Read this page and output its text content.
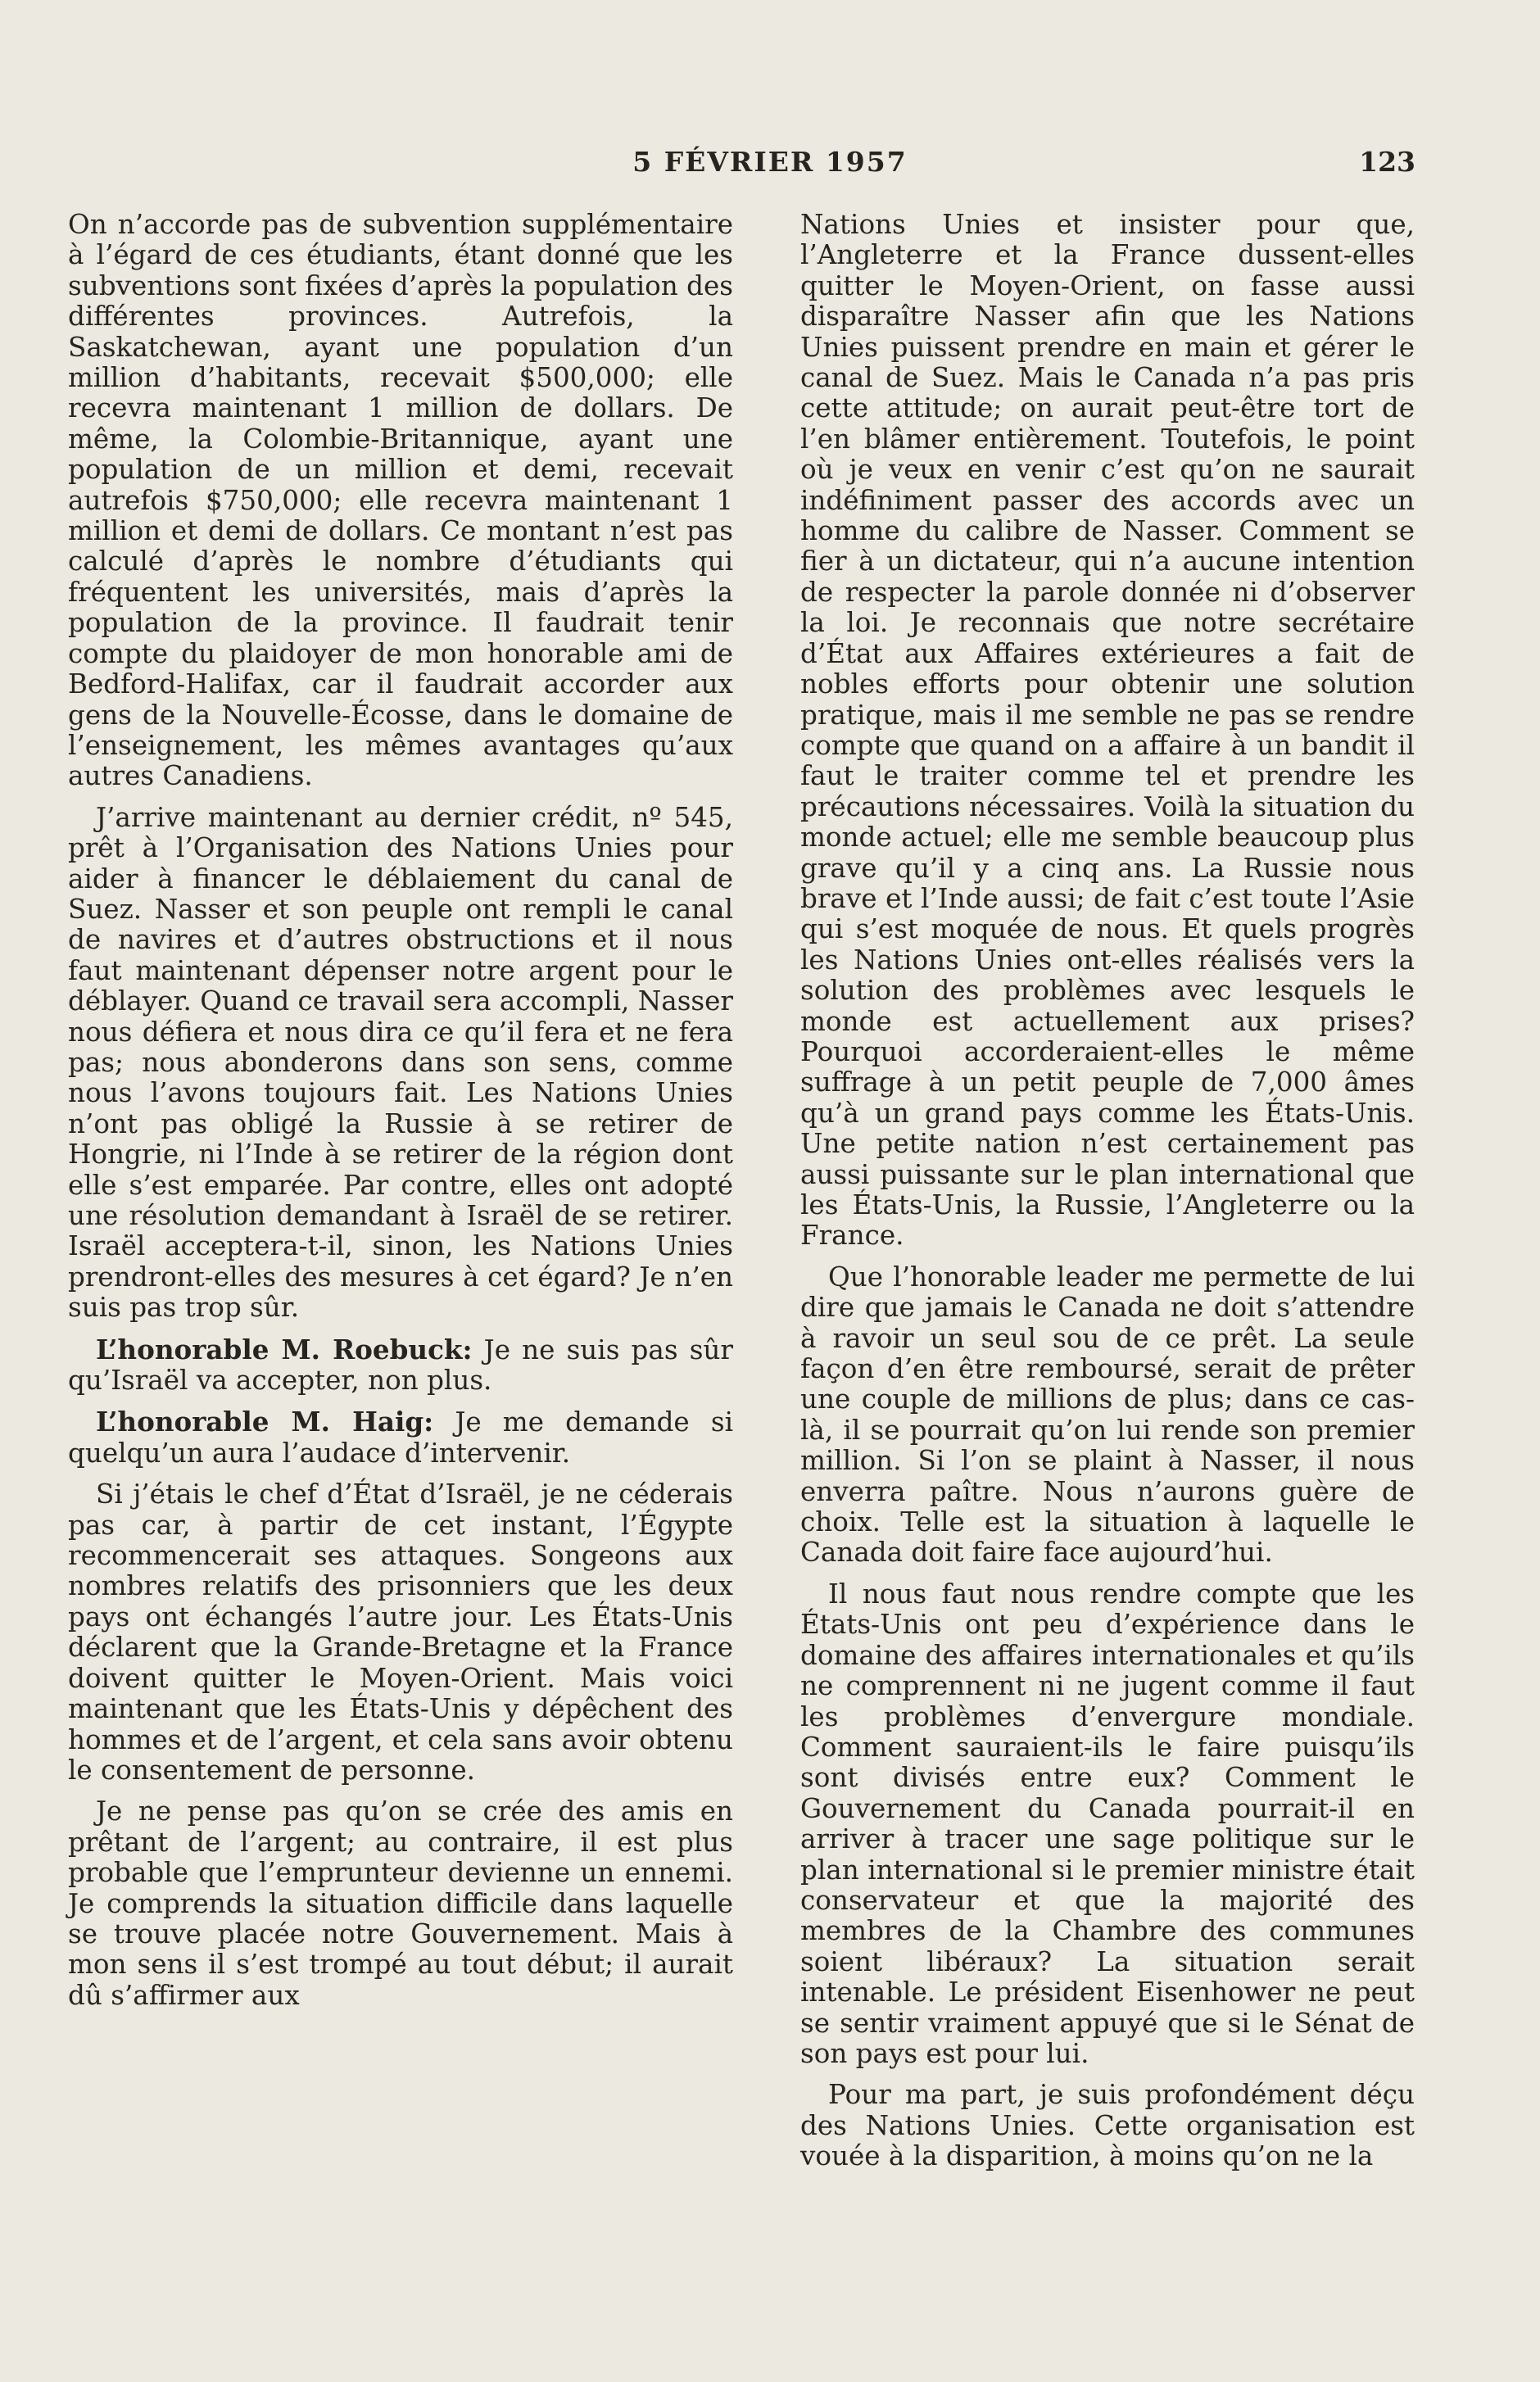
5 FÉVRIER 1957	123

On n’accorde pas de subvention supplémentaire à l’égard de ces étudiants, étant donné que les subventions sont fixées d’après la population des différentes provinces. Autrefois, la Saskatchewan, ayant une population d’un million d’habitants, recevait $500,000; elle recevra maintenant 1 million de dollars. De même, la Colombie-Britannique, ayant une population de un million et demi, recevait autrefois $750,000; elle recevra maintenant 1 million et demi de dollars. Ce montant n’est pas calculé d’après le nombre d’étudiants qui fréquentent les universités, mais d’après la population de la province. Il faudrait tenir compte du plaidoyer de mon honorable ami de Bedford-Halifax, car il faudrait accorder aux gens de la Nouvelle-Écosse, dans le domaine de l’enseignement, les mêmes avantages qu’aux autres Canadiens.

J’arrive maintenant au dernier crédit, nº 545, prêt à l’Organisation des Nations Unies pour aider à financer le déblaiement du canal de Suez. Nasser et son peuple ont rempli le canal de navires et d’autres obstructions et il nous faut maintenant dépenser notre argent pour le déblayer. Quand ce travail sera accompli, Nasser nous défiera et nous dira ce qu’il fera et ne fera pas; nous abonderons dans son sens, comme nous l’avons toujours fait. Les Nations Unies n’ont pas obligé la Russie à se retirer de Hongrie, ni l’Inde à se retirer de la région dont elle s’est emparée. Par contre, elles ont adopté une résolution demandant à Israël de se retirer. Israël acceptera-t-il, sinon, les Nations Unies prendront-elles des mesures à cet égard? Je n’en suis pas trop sûr.

L’honorable M. Roebuck: Je ne suis pas sûr qu’Israël va accepter, non plus.

L’honorable M. Haig: Je me demande si quelqu’un aura l’audace d’intervenir.

Si j’étais le chef d’État d’Israël, je ne céderais pas car, à partir de cet instant, l’Égypte recommencerait ses attaques. Songeons aux nombres relatifs des prisonniers que les deux pays ont échangés l’autre jour. Les États-Unis déclarent que la Grande-Bretagne et la France doivent quitter le Moyen-Orient. Mais voici maintenant que les États-Unis y dépêchent des hommes et de l’argent, et cela sans avoir obtenu le consentement de personne.

Je ne pense pas qu’on se crée des amis en prêtant de l’argent; au contraire, il est plus probable que l’emprunteur devienne un ennemi. Je comprends la situation difficile dans laquelle se trouve placée notre Gouvernement. Mais à mon sens il s’est trompé au tout début; il aurait dû s’affirmer aux

Nations Unies et insister pour que, l’Angleterre et la France dussent-elles quitter le Moyen-Orient, on fasse aussi disparaître Nasser afin que les Nations Unies puissent prendre en main et gérer le canal de Suez. Mais le Canada n’a pas pris cette attitude; on aurait peut-être tort de l’en blâmer entièrement. Toutefois, le point où je veux en venir c’est qu’on ne saurait indéfiniment passer des accords avec un homme du calibre de Nasser. Comment se fier à un dictateur, qui n’a aucune intention de respecter la parole donnée ni d’observer la loi. Je reconnais que notre secrétaire d’État aux Affaires extérieures a fait de nobles efforts pour obtenir une solution pratique, mais il me semble ne pas se rendre compte que quand on a affaire à un bandit il faut le traiter comme tel et prendre les précautions nécessaires. Voilà la situation du monde actuel; elle me semble beaucoup plus grave qu’il y a cinq ans. La Russie nous brave et l’Inde aussi; de fait c’est toute l’Asie qui s’est moquée de nous. Et quels progrès les Nations Unies ont-elles réalisés vers la solution des problèmes avec lesquels le monde est actuellement aux prises? Pourquoi accorderaient-elles le même suffrage à un petit peuple de 7,000 âmes qu’à un grand pays comme les États-Unis. Une petite nation n’est certainement pas aussi puissante sur le plan international que les États-Unis, la Russie, l’Angleterre ou la France.

Que l’honorable leader me permette de lui dire que jamais le Canada ne doit s’attendre à ravoir un seul sou de ce prêt. La seule façon d’en être remboursé, serait de prêter une couple de millions de plus; dans ce cas-là, il se pourrait qu’on lui rende son premier million. Si l’on se plaint à Nasser, il nous enverra paître. Nous n’aurons guère de choix. Telle est la situation à laquelle le Canada doit faire face aujourd’hui.

Il nous faut nous rendre compte que les États-Unis ont peu d’expérience dans le domaine des affaires internationales et qu’ils ne comprennent ni ne jugent comme il faut les problèmes d’envergure mondiale. Comment sauraient-ils le faire puisqu’ils sont divisés entre eux? Comment le Gouvernement du Canada pourrait-il en arriver à tracer une sage politique sur le plan international si le premier ministre était conservateur et que la majorité des membres de la Chambre des communes soient libéraux? La situation serait intenable. Le président Eisenhower ne peut se sentir vraiment appuyé que si le Sénat de son pays est pour lui.

Pour ma part, je suis profondément déçu des Nations Unies. Cette organisation est vouée à la disparition, à moins qu’on ne la
